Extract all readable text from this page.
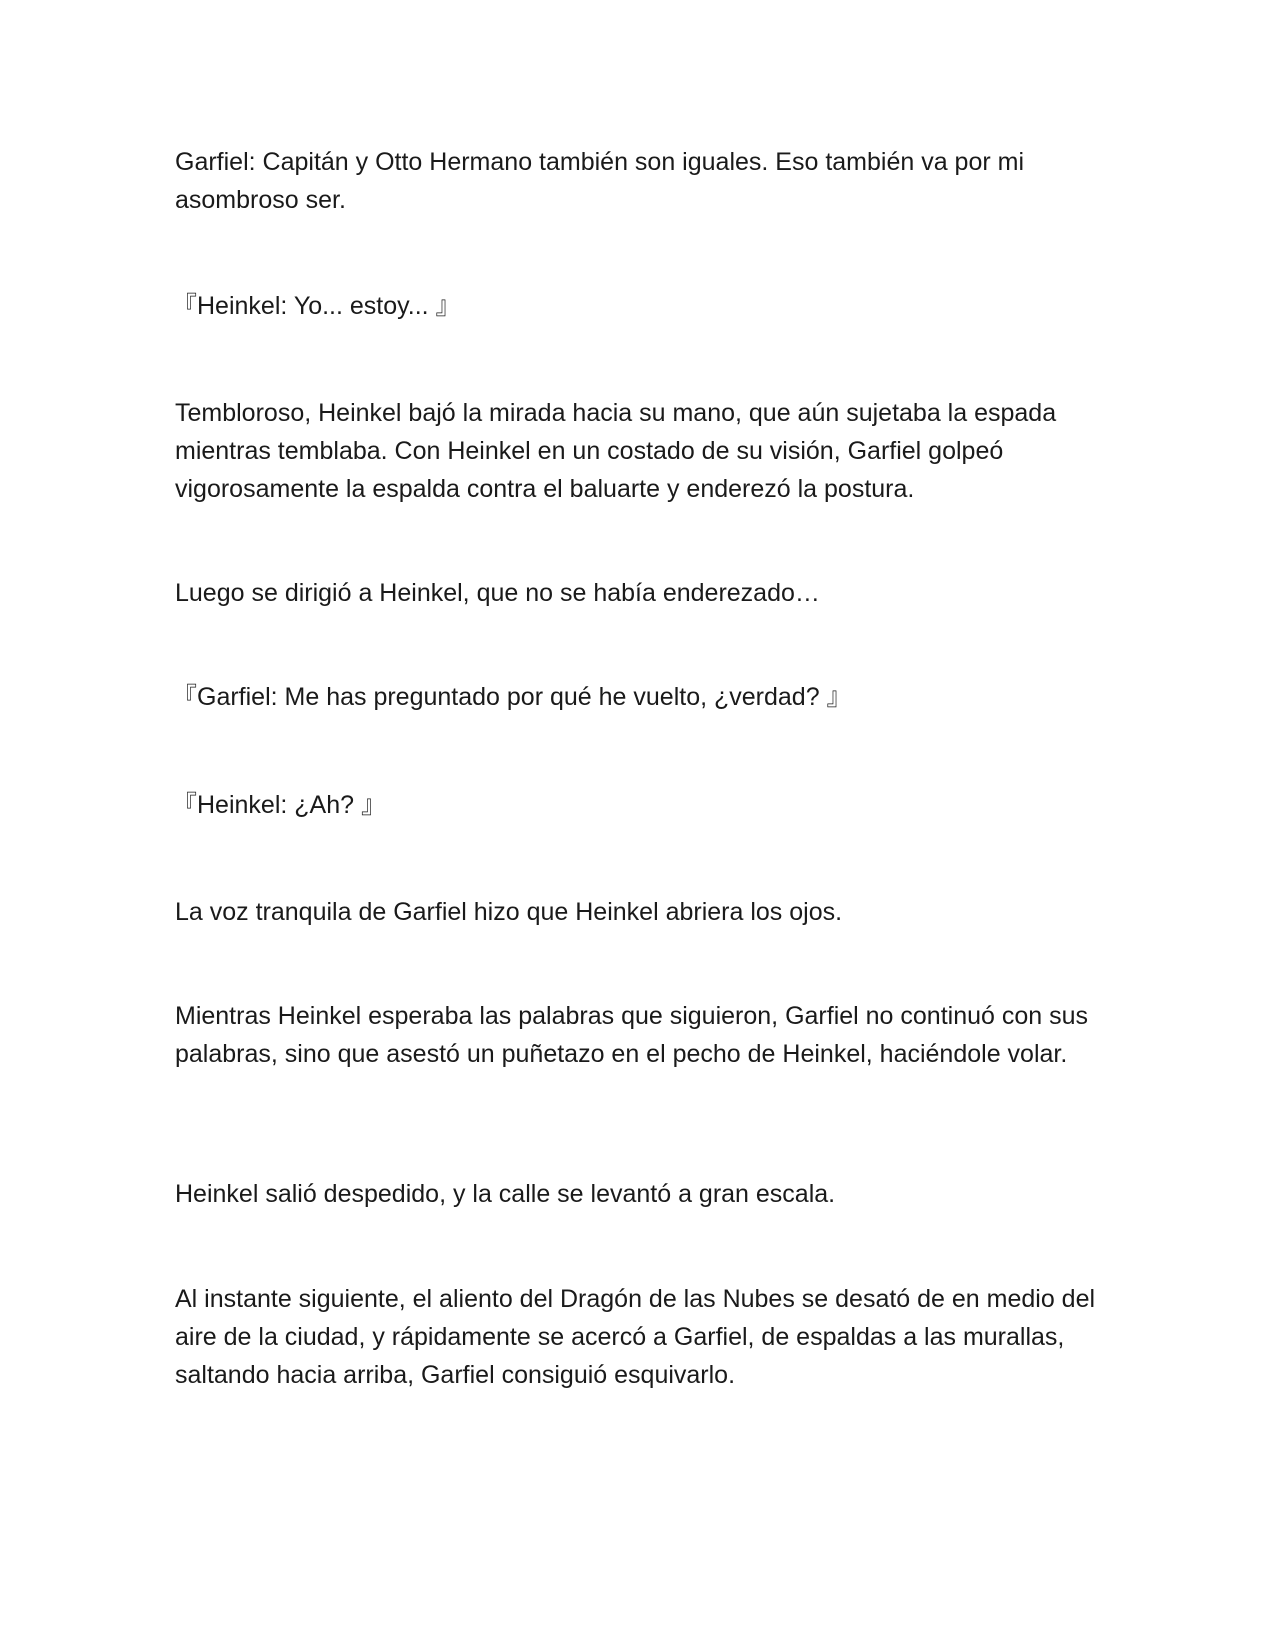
Garfiel: Capitán y Otto Hermano también son iguales. Eso también va por mi asombroso ser.

『Heinkel: Yo... estoy... 』

Tembloroso, Heinkel bajó la mirada hacia su mano, que aún sujetaba la espada mientras temblaba. Con Heinkel en un costado de su visión, Garfiel golpeó vigorosamente la espalda contra el baluarte y enderezó la postura.

Luego se dirigió a Heinkel, que no se había enderezado…

『Garfiel: Me has preguntado por qué he vuelto, ¿verdad? 』

『Heinkel: ¿Ah? 』

La voz tranquila de Garfiel hizo que Heinkel abriera los ojos.

Mientras Heinkel esperaba las palabras que siguieron, Garfiel no continuó con sus palabras, sino que asestó un puñetazo en el pecho de Heinkel, haciéndole volar.

Heinkel salió despedido, y la calle se levantó a gran escala.

Al instante siguiente, el aliento del Dragón de las Nubes se desató de en medio del aire de la ciudad, y rápidamente se acercó a Garfiel, de espaldas a las murallas, saltando hacia arriba, Garfiel consiguió esquivarlo.
